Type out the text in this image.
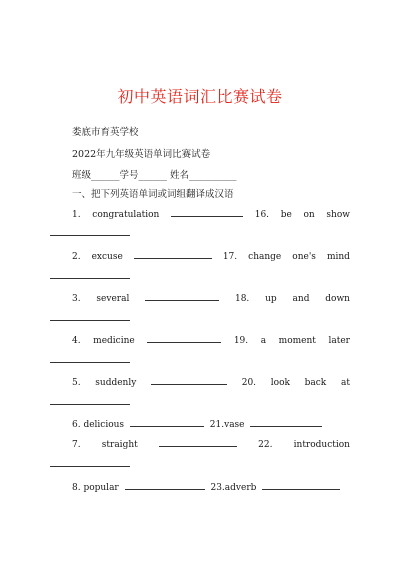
初中英语词汇比赛试卷
娄底市育英学校
2022年九年级英语单词比赛试卷
班级______学号______ 姓名__________
一、把下列英语单词或词组翻译成汉语
1. congratulation	16. be on show
2. excuse	17. change one's mind
3. several	18. up and down
4. medicine	19. a moment later
5. suddenly	20. look back at
6. delicious	21.vase
7. straight	22. introduction
8. popular	23.adverb
